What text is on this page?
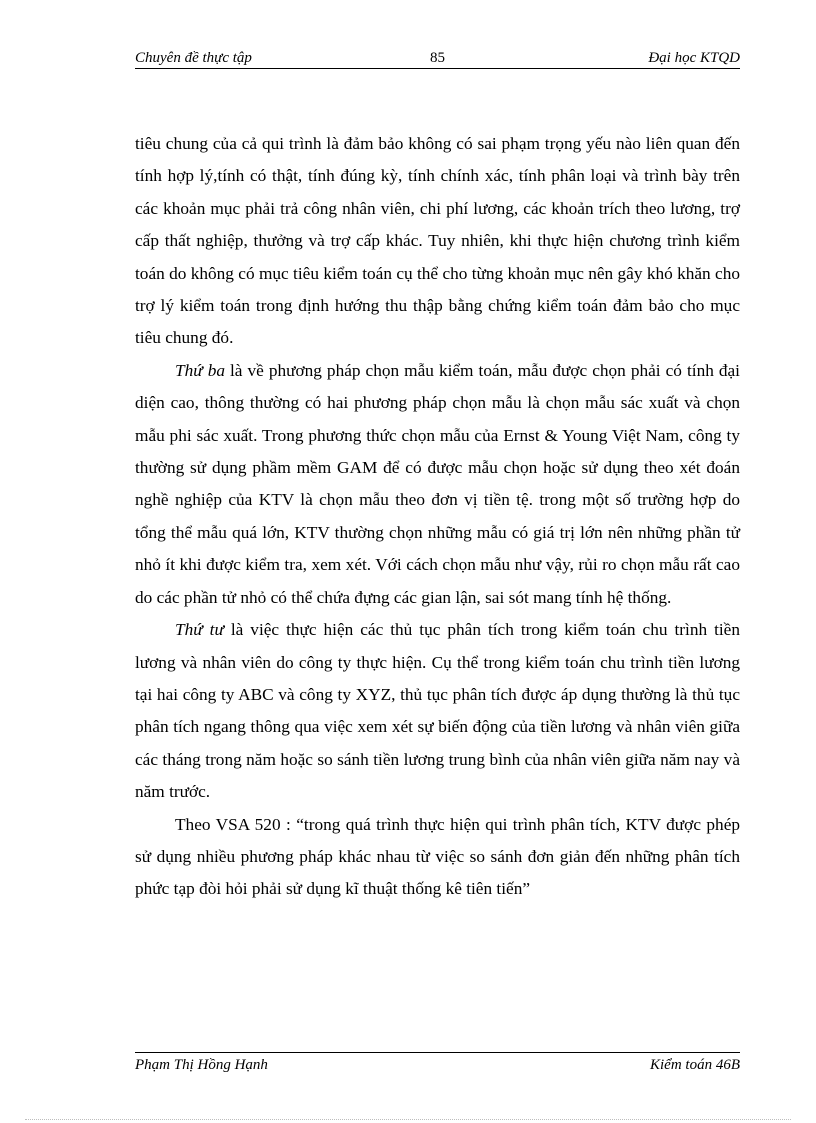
Chuyên đề thực tập	85	Đại học KTQD

tiêu chung của cả qui trình là đảm bảo không có sai phạm trọng yếu nào liên quan đến tính hợp lý,tính có thật, tính đúng kỳ, tính chính xác, tính phân loại và trình bày trên các khoản mục phải trả công nhân viên, chi phí lương, các khoản trích theo lương, trợ cấp thất nghiệp, thưởng và trợ cấp khác. Tuy nhiên, khi thực hiện chương trình kiểm toán do không có mục tiêu kiểm toán cụ thể cho từng khoản mục nên gây khó khăn cho trợ lý kiểm toán trong định hướng thu thập bằng chứng kiểm toán đảm bảo cho mục tiêu chung đó.

Thứ ba là về phương pháp chọn mẫu kiểm toán, mẫu được chọn phải có tính đại diện cao, thông thường có hai phương pháp chọn mẫu là chọn mẫu sác xuất và chọn mẫu phi sác xuất. Trong phương thức chọn mẫu của Ernst & Young Việt Nam, công ty thường sử dụng phầm mềm GAM để có được mẫu chọn hoặc sử dụng theo xét đoán nghề nghiệp của KTV là chọn mẫu theo đơn vị tiền tệ. trong một số trường hợp do tổng thể mẫu quá lớn, KTV thường chọn những mẫu có giá trị lớn nên những phần tử nhỏ ít khi được kiểm tra, xem xét. Với cách chọn mẫu như vậy, rủi ro chọn mẫu rất cao do các phần tử nhỏ có thể chứa đựng các gian lận, sai sót mang tính hệ thống.

Thứ tư là việc thực hiện các thủ tục phân tích trong kiểm toán chu trình tiền lương và nhân viên do công ty thực hiện. Cụ thể trong kiểm toán chu trình tiền lương tại hai công ty ABC và công ty XYZ, thủ tục phân tích được áp dụng thường là thủ tục phân tích ngang thông qua việc xem xét sự biến động của tiền lương và nhân viên giữa các tháng trong năm hoặc so sánh tiền lương trung bình của nhân viên giữa năm nay và năm trước.

Theo VSA 520 : “trong quá trình thực hiện qui trình phân tích, KTV được phép sử dụng nhiều phương pháp khác nhau từ việc so sánh đơn giản đến những phân tích phức tạp đòi hỏi phải sử dụng kĩ thuật thống kê tiên tiến”

Phạm Thị Hồng Hạnh	Kiểm toán 46B
